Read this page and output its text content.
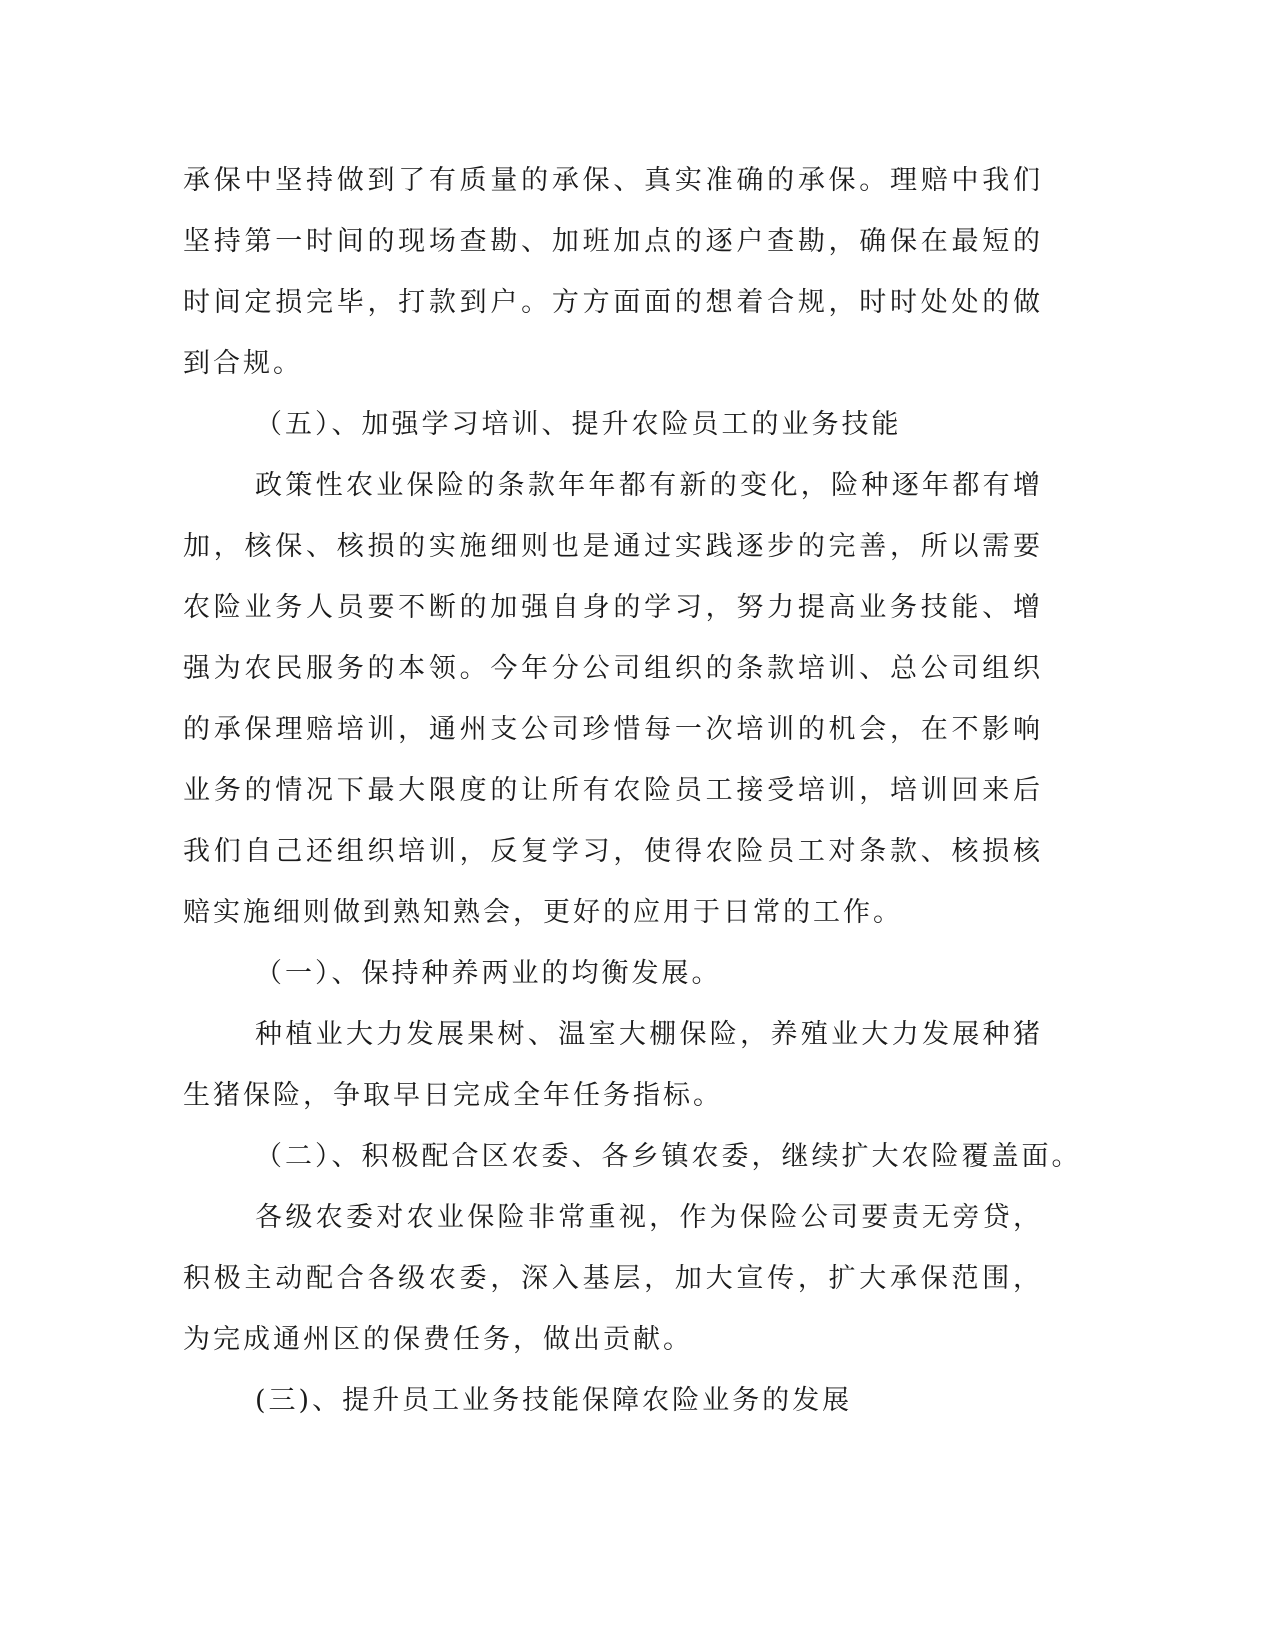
承保中坚持做到了有质量的承保、真实准确的承保。理赔中我们坚持第一时间的现场查勘、加班加点的逐户查勘，确保在最短的时间定损完毕，打款到户。方方面面的想着合规，时时处处的做到合规。

（五）、加强学习培训、提升农险员工的业务技能

政策性农业保险的条款年年都有新的变化，险种逐年都有增加，核保、核损的实施细则也是通过实践逐步的完善，所以需要农险业务人员要不断的加强自身的学习，努力提高业务技能、增强为农民服务的本领。今年分公司组织的条款培训、总公司组织的承保理赔培训，通州支公司珍惜每一次培训的机会，在不影响业务的情况下最大限度的让所有农险员工接受培训，培训回来后我们自己还组织培训，反复学习，使得农险员工对条款、核损核赔实施细则做到熟知熟会，更好的应用于日常的工作。

（一）、保持种养两业的均衡发展。

种植业大力发展果树、温室大棚保险，养殖业大力发展种猪生猪保险，争取早日完成全年任务指标。

（二）、积极配合区农委、各乡镇农委，继续扩大农险覆盖面。

各级农委对农业保险非常重视，作为保险公司要责无旁贷，积极主动配合各级农委，深入基层，加大宣传，扩大承保范围，为完成通州区的保费任务，做出贡献。

(三)、提升员工业务技能保障农险业务的发展
